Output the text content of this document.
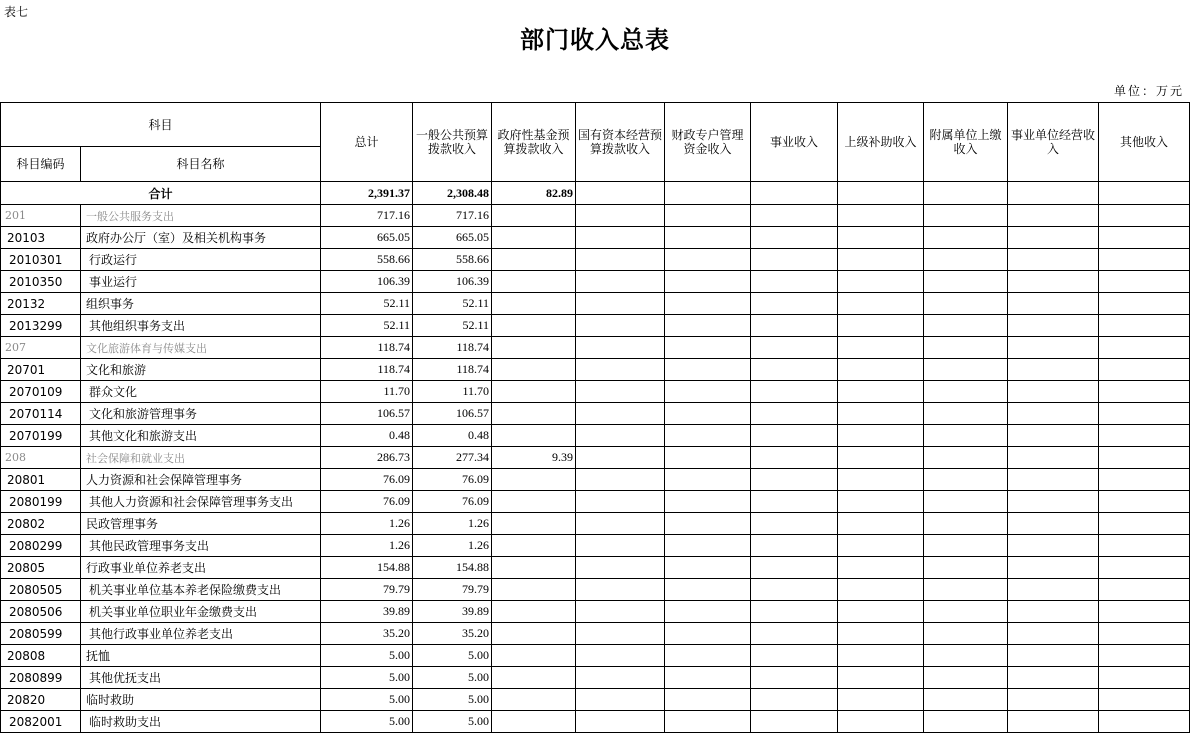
表七
部门收入总表
单位：万元
科目		总计	一般公共预算拨款收入	政府性基金预算拨款收入	国有资本经营预算拨款收入	财政专户管理资金收入	事业收入	上级补助收入	附属单位上缴收入	事业单位经营收入	其他收入
科目编码	科目名称										
合计		2,391.37	2,308.48	82.89							
201	一般公共服务支出	717.16	717.16								
20103	政府办公厅（室）及相关机构事务	665.05	665.05								
2010301	行政运行	558.66	558.66								
2010350	事业运行	106.39	106.39								
20132	组织事务	52.11	52.11								
2013299	其他组织事务支出	52.11	52.11								
207	文化旅游体育与传媒支出	118.74	118.74								
20701	文化和旅游	118.74	118.74								
2070109	群众文化	11.70	11.70								
2070114	文化和旅游管理事务	106.57	106.57								
2070199	其他文化和旅游支出	0.48	0.48								
208	社会保障和就业支出	286.73	277.34	9.39							
20801	人力资源和社会保障管理事务	76.09	76.09								
2080199	其他人力资源和社会保障管理事务支出	76.09	76.09								
20802	民政管理事务	1.26	1.26								
2080299	其他民政管理事务支出	1.26	1.26								
20805	行政事业单位养老支出	154.88	154.88								
2080505	机关事业单位基本养老保险缴费支出	79.79	79.79								
2080506	机关事业单位职业年金缴费支出	39.89	39.89								
2080599	其他行政事业单位养老支出	35.20	35.20								
20808	抚恤	5.00	5.00								
2080899	其他优抚支出	5.00	5.00								
20820	临时救助	5.00	5.00								
2082001	临时救助支出	5.00	5.00								
